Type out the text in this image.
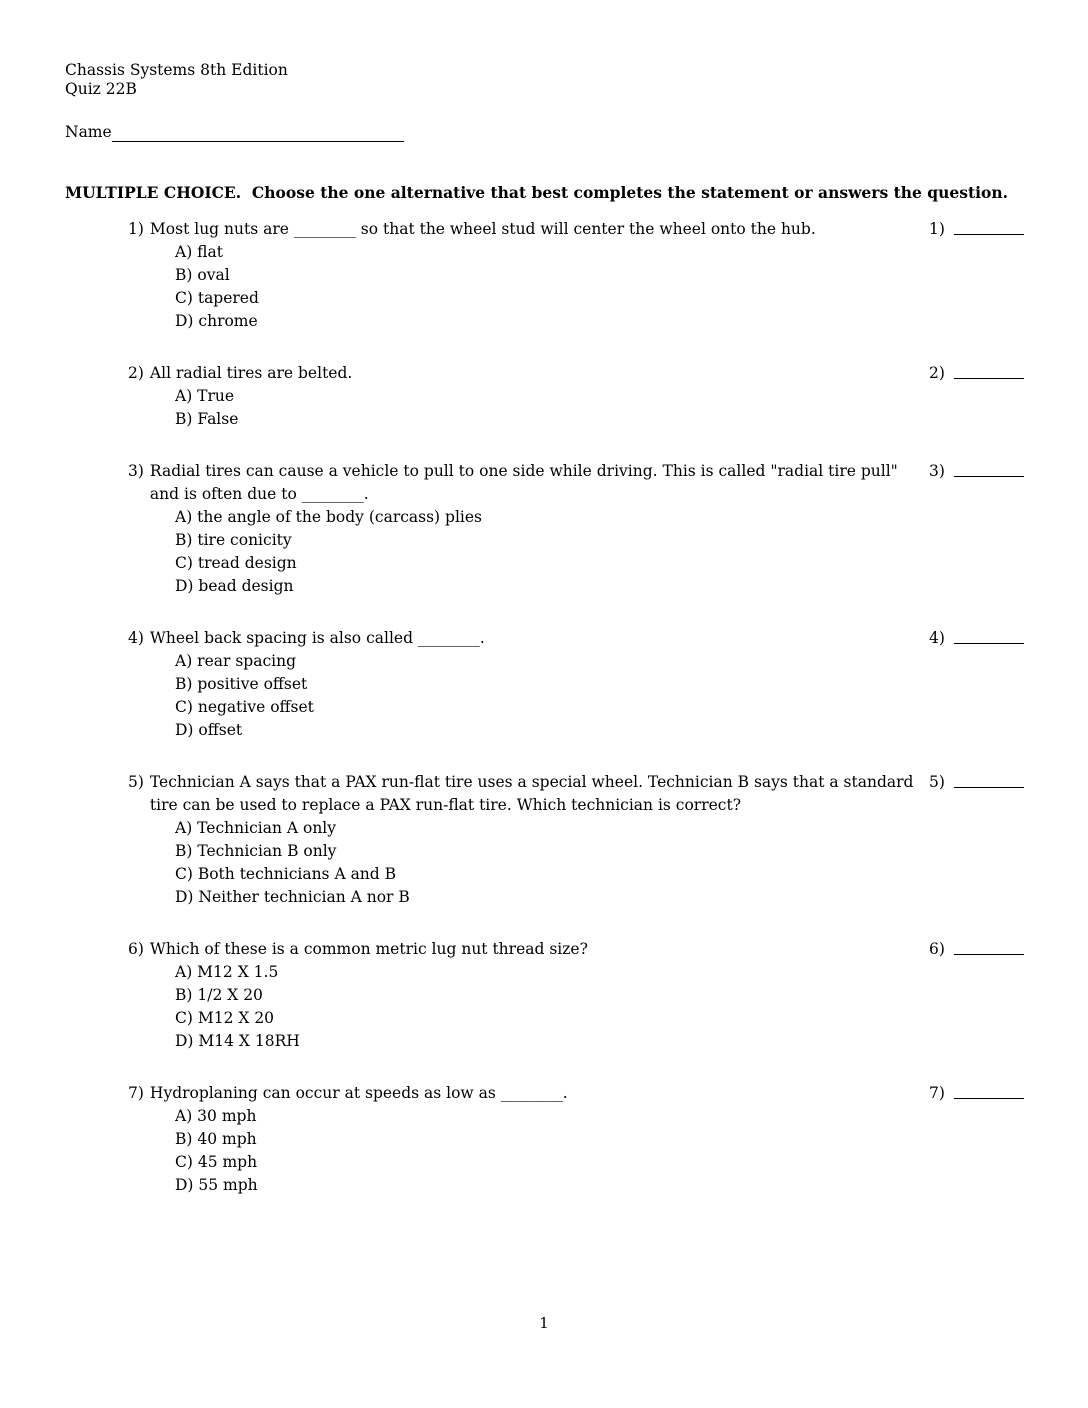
Chassis Systems 8th Edition
Quiz 22B
Name
MULTIPLE CHOICE.  Choose the one alternative that best completes the statement or answers the question.
1) Most lug nuts are ________ so that the wheel stud will center the wheel onto the hub.
A) flat
B) oval
C) tapered
D) chrome
1)
2) All radial tires are belted.
A) True
B) False
2)
3) Radial tires can cause a vehicle to pull to one side while driving. This is called "radial tire pull" and is often due to ________.
A) the angle of the body (carcass) plies
B) tire conicity
C) tread design
D) bead design
3)
4) Wheel back spacing is also called ________.
A) rear spacing
B) positive offset
C) negative offset
D) offset
4)
5) Technician A says that a PAX run-flat tire uses a special wheel. Technician B says that a standard tire can be used to replace a PAX run-flat tire. Which technician is correct?
A) Technician A only
B) Technician B only
C) Both technicians A and B
D) Neither technician A nor B
5)
6) Which of these is a common metric lug nut thread size?
A) M12 X 1.5
B) 1/2 X 20
C) M12 X 20
D) M14 X 18RH
6)
7) Hydroplaning can occur at speeds as low as ________.
A) 30 mph
B) 40 mph
C) 45 mph
D) 55 mph
7)
1
